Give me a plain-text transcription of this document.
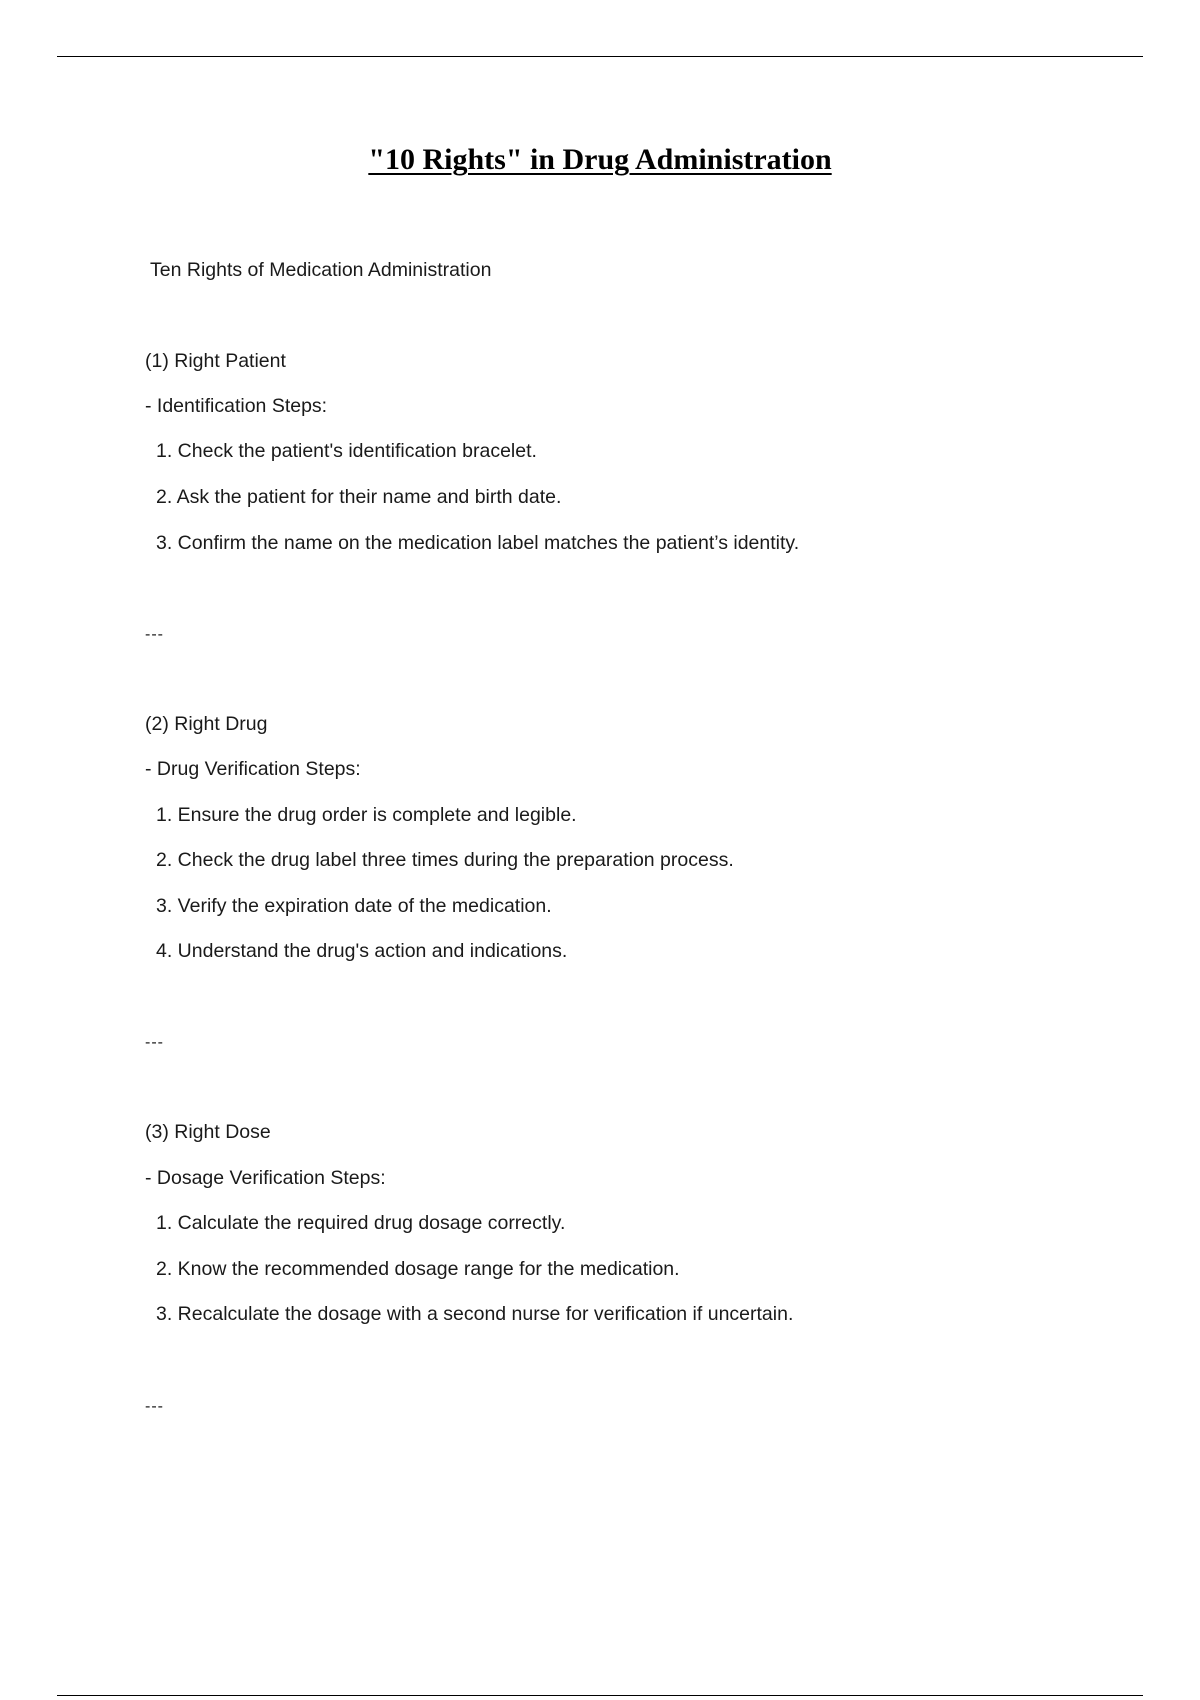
"10 Rights" in Drug Administration
Ten Rights of Medication Administration
(1) Right Patient
- Identification Steps:
1. Check the patient's identification bracelet.
2. Ask the patient for their name and birth date.
3. Confirm the name on the medication label matches the patient’s identity.
---
(2) Right Drug
- Drug Verification Steps:
1. Ensure the drug order is complete and legible.
2. Check the drug label three times during the preparation process.
3. Verify the expiration date of the medication.
4. Understand the drug's action and indications.
---
(3) Right Dose
- Dosage Verification Steps:
1. Calculate the required drug dosage correctly.
2. Know the recommended dosage range for the medication.
3. Recalculate the dosage with a second nurse for verification if uncertain.
---
